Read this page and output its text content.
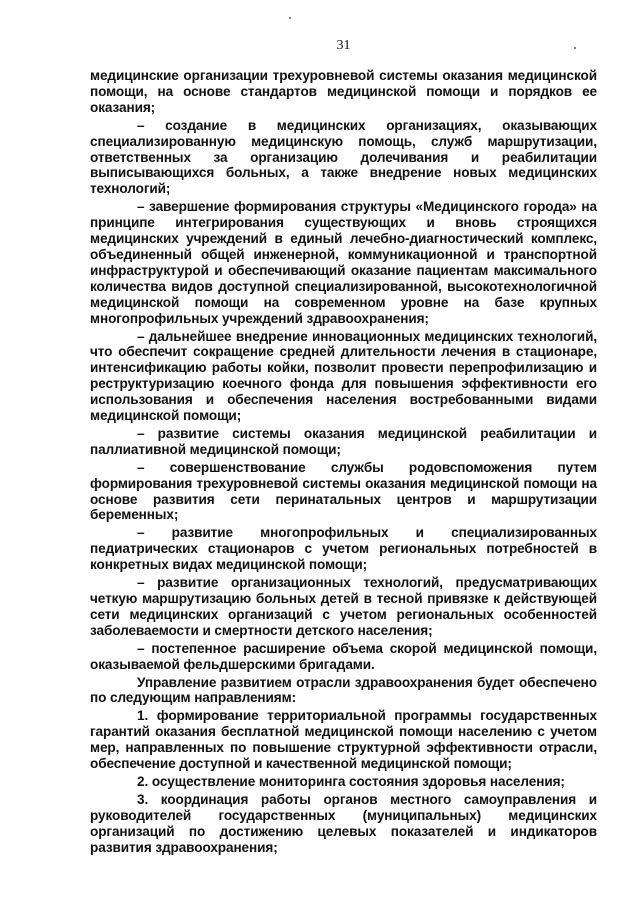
31

медицинские организации трехуровневой системы оказания медицинской помощи, на основе стандартов медицинской помощи и порядков ее оказания;

– создание в медицинских организациях, оказывающих специализированную медицинскую помощь, служб маршрутизации, ответственных за организацию долечивания и реабилитации выписывающихся больных, а также внедрение новых медицинских технологий;

– завершение формирования структуры «Медицинского города» на принципе интегрирования существующих и вновь строящихся медицинских учреждений в единый лечебно-диагностический комплекс, объединенный общей инженерной, коммуникационной и транспортной инфраструктурой и обеспечивающий оказание пациентам максимального количества видов доступной специализированной, высокотехнологичной медицинской помощи на современном уровне на базе крупных многопрофильных учреждений здравоохранения;

– дальнейшее внедрение инновационных медицинских технологий, что обеспечит сокращение средней длительности лечения в стационаре, интенсификацию работы койки, позволит провести перепрофилизацию и реструктуризацию коечного фонда для повышения эффективности его использования и обеспечения населения востребованными видами медицинской помощи;

– развитие системы оказания медицинской реабилитации и паллиативной медицинской помощи;

– совершенствование службы родовспоможения путем формирования трехуровневой системы оказания медицинской помощи на основе развития сети перинатальных центров и маршрутизации беременных;

– развитие многопрофильных и специализированных педиатрических стационаров с учетом региональных потребностей в конкретных видах медицинской помощи;

– развитие организационных технологий, предусматривающих четкую маршрутизацию больных детей в тесной привязке к действующей сети медицинских организаций с учетом региональных особенностей заболеваемости и смертности детского населения;

– постепенное расширение объема скорой медицинской помощи, оказываемой фельдшерскими бригадами.

Управление развитием отрасли здравоохранения будет обеспечено по следующим направлениям:

1. формирование территориальной программы государственных гарантий оказания бесплатной медицинской помощи населению с учетом мер, направленных по повышение структурной эффективности отрасли, обеспечение доступной и качественной медицинской помощи;

2. осуществление мониторинга состояния здоровья населения;

3. координация работы органов местного самоуправления и руководителей государственных (муниципальных) медицинских организаций по достижению целевых показателей и индикаторов развития здравоохранения;
